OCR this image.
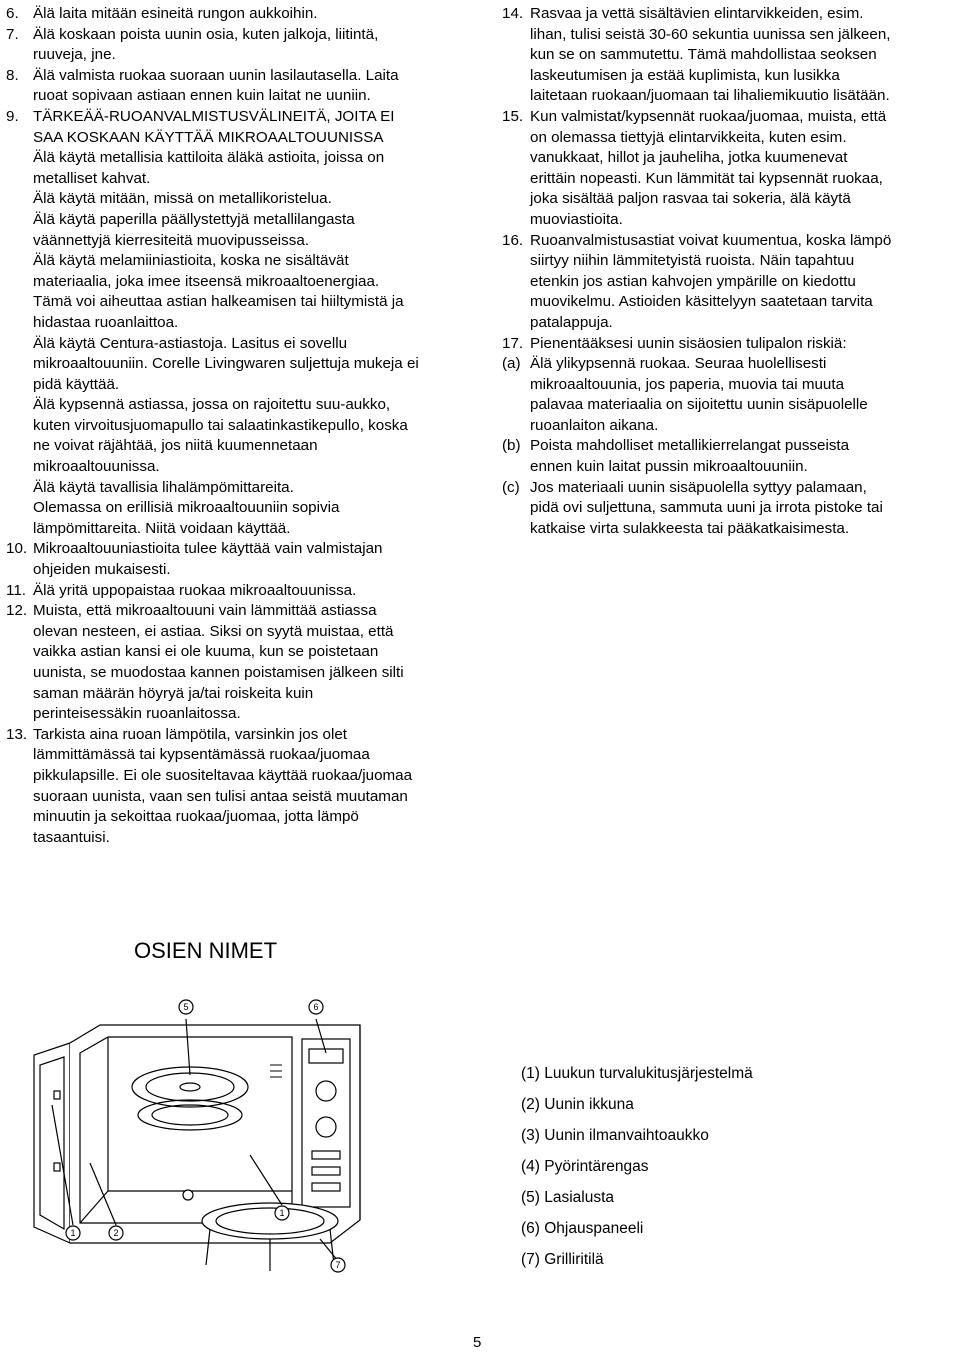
6. Älä laita mitään esineitä rungon aukkoihin.
7. Älä koskaan poista uunin osia, kuten jalkoja, liitintä,
ruuveja, jne.
8. Älä valmista ruokaa suoraan uunin lasilautasella. Laita
ruoat sopivaan astiaan ennen kuin laitat ne uuniin.
9. TÄRKEÄÄ-RUOANVALMISTUSVÄLINEITÄ, JOITA EI
SAA KOSKAAN KÄYTTÄÄ MIKROAALTOUUNISSA
Älä käytä metallisia kattiloita äläkä astioita, joissa on
metalliset kahvat.
Älä käytä mitään, missä on metallikoristelua.
Älä käytä paperilla päällystettyjä metallilangasta
väännettyjä kierresiteitä muovipusseissa.
Älä käytä melamiiniastioita, koska ne sisältävät
materiaalia, joka imee itseensä mikroaaltoenergiaa.
Tämä voi aiheuttaa astian halkeamisen tai hiiltymistä ja
hidastaa ruoanlaittoa.
Älä käytä Centura-astiastoja. Lasitus ei sovellu
mikroaaltouuniin. Corelle Livingwaren suljettuja mukeja ei
pidä käyttää.
Älä kypsennä astiassa, jossa on rajoitettu suu-aukko,
kuten virvoitusjuomapullo tai salaatinkastikepullo, koska
ne voivat räjähtää, jos niitä kuumennetaan
mikroaaltouunissa.
Älä käytä tavallisia lihalämpömittareita.
Olemassa on erillisiä mikroaaltouuniin sopivia
lämpömittareita. Niitä voidaan käyttää.
10. Mikroaaltouuniastioita tulee käyttää vain valmistajan
ohjeiden mukaisesti.
11. Älä yritä uppopaistaa ruokaa mikroaaltouunissa.
12. Muista, että mikroaaltouuni vain lämmittää astiassa
olevan nesteen, ei astiaa. Siksi on syytä muistaa, että
vaikka astian kansi ei ole kuuma, kun se poistetaan
uunista, se muodostaa kannen poistamisen jälkeen silti
saman määrän höyryä ja/tai roiskeita kuin
perinteisessäkin ruoanlaitossa.
13. Tarkista aina ruoan lämpötila, varsinkin jos olet
lämmittämässä tai kypsentämässä ruokaa/juomaa
pikkulapsille. Ei ole suositeltavaa käyttää ruokaa/juomaa
suoraan uunista, vaan sen tulisi antaa seistä muutaman
minuutin ja sekoittaa ruokaa/juomaa, jotta lämpö
tasaantuisi.
14. Rasvaa ja vettä sisältävien elintarvikkeiden, esim.
lihan, tulisi seistä 30-60 sekuntia uunissa sen jälkeen,
kun se on sammutettu. Tämä mahdollistaa seoksen
laskeutumisen ja estää kuplimista, kun lusikka
laitetaan ruokaan/juomaan tai lihaliemikuutio lisätään.
15. Kun valmistat/kypsennät ruokaa/juomaa, muista, että
on olemassa tiettyjä elintarvikkeita, kuten esim.
vanukkaat, hillot ja jauheliha, jotka kuumenevat
erittäin nopeasti. Kun lämmität tai kypsennät ruokaa,
joka sisältää paljon rasvaa tai sokeria, älä käytä
muoviastioita.
16. Ruoanvalmistusastiat voivat kuumentua, koska lämpö
siirtyy niihin lämmitetyistä ruoista. Näin tapahtuu
etenkin jos astian kahvojen ympärille on kiedottu
muovikelmu. Astioiden käsittelyyn saatetaan tarvita
patalappuja.
17. Pienentääksesi uunin sisäosien tulipalon riskiä:
(a) Älä ylikypsennä ruokaa. Seuraa huolellisesti
mikroaaltouunia, jos paperia, muovia tai muuta
palavaa materiaalia on sijoitettu uunin sisäpuolelle
ruoanlaiton aikana.
(b) Poista mahdolliset metallikierrelangat pusseista
ennen kuin laitat pussin mikroaaltouuniin.
(c) Jos materiaali uunin sisäpuolella syttyy palamaan,
pidä ovi suljettuna, sammuta uuni ja irrota pistoke tai
katkaise virta sulakkeesta tai pääkatkaisimesta.
OSIEN NIMET
5	6
1	2
1
7
(1) Luukun turvalukitusjärjestelmä
(2) Uunin ikkuna
(3) Uunin ilmanvaihtoaukko
(4) Pyörintärengas
(5) Lasialusta
(6) Ohjauspaneeli
(7) Grilliritilä
5
